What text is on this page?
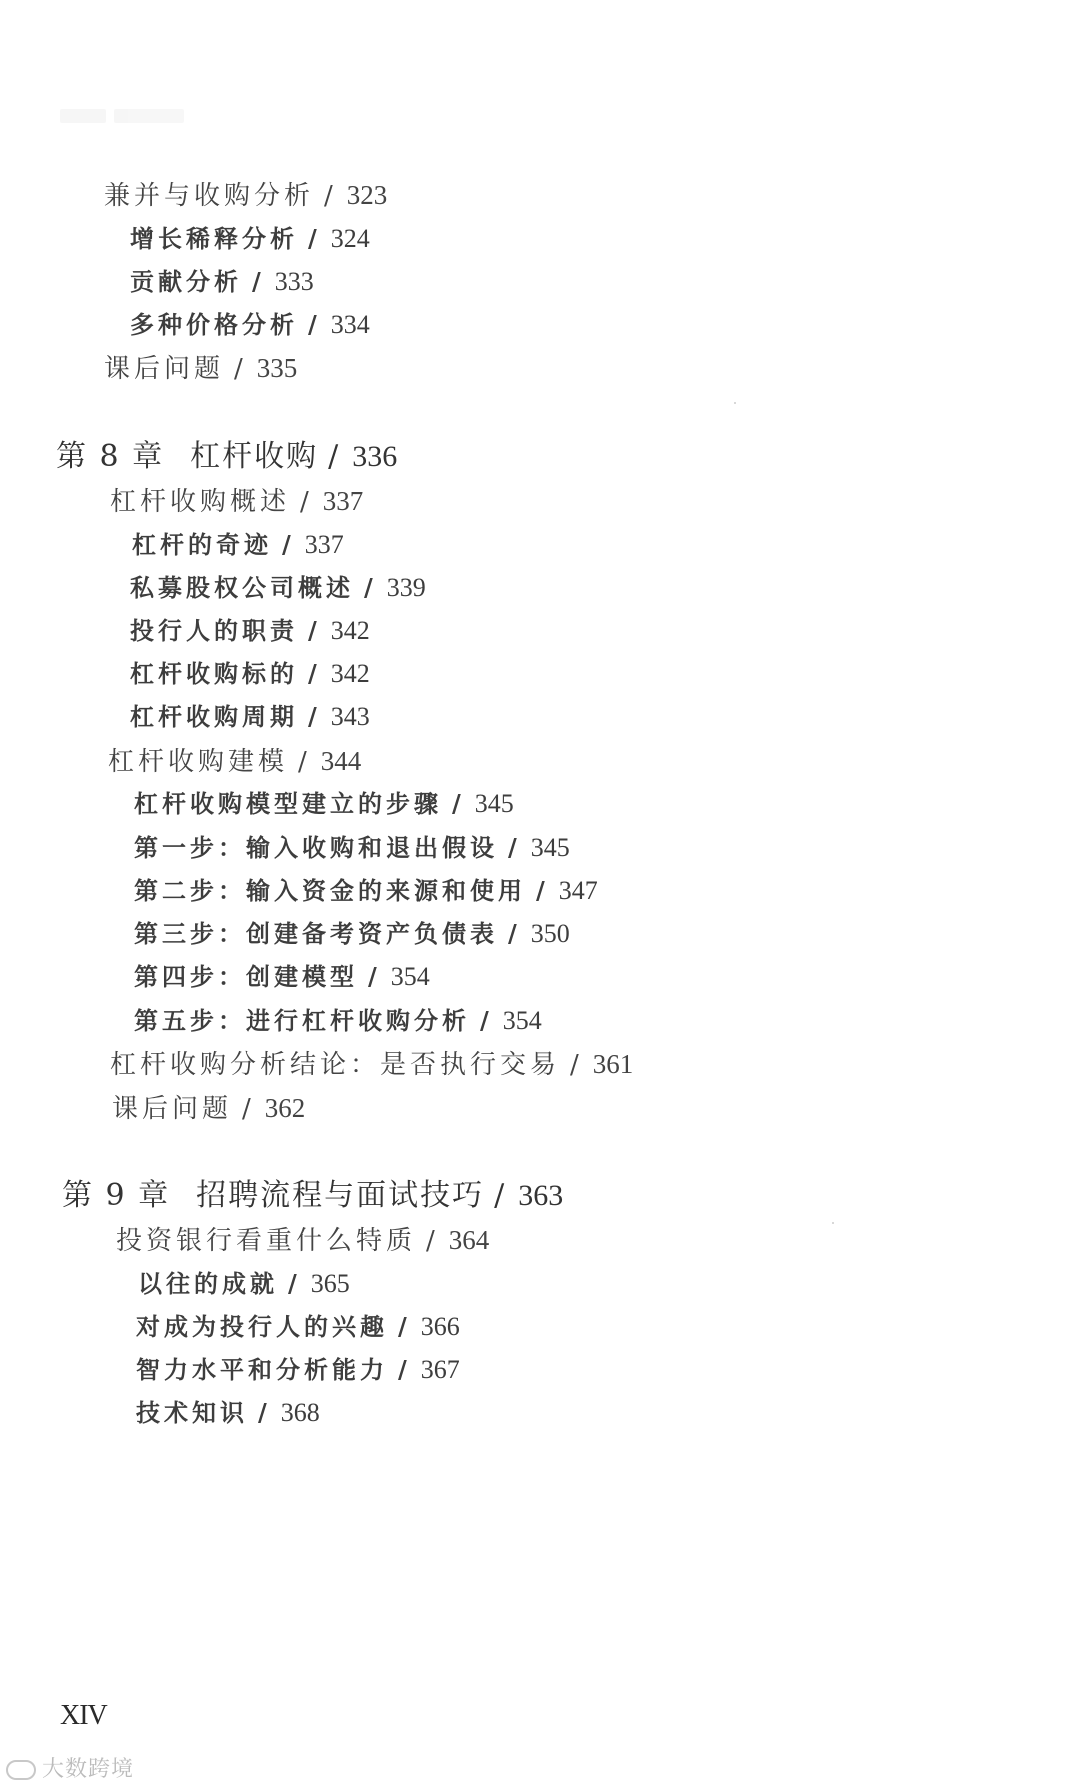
兼并与收购分析 / 323
增长稀释分析 / 324
贡献分析 / 333
多种价格分析 / 334
课后问题 / 335
第 8 章 杠杆收购 / 336
杠杆收购概述 / 337
杠杆的奇迹 / 337
私募股权公司概述 / 339
投行人的职责 / 342
杠杆收购标的 / 342
杠杆收购周期 / 343
杠杆收购建模 / 344
杠杆收购模型建立的步骤 / 345
第一步：输入收购和退出假设 / 345
第二步：输入资金的来源和使用 / 347
第三步：创建备考资产负债表 / 350
第四步：创建模型 / 354
第五步：进行杠杆收购分析 / 354
杠杆收购分析结论：是否执行交易 / 361
课后问题 / 362
第 9 章 招聘流程与面试技巧 / 363
投资银行看重什么特质 / 364
以往的成就 / 365
对成为投行人的兴趣 / 366
智力水平和分析能力 / 367
技术知识 / 368
XIV
大数跨境
